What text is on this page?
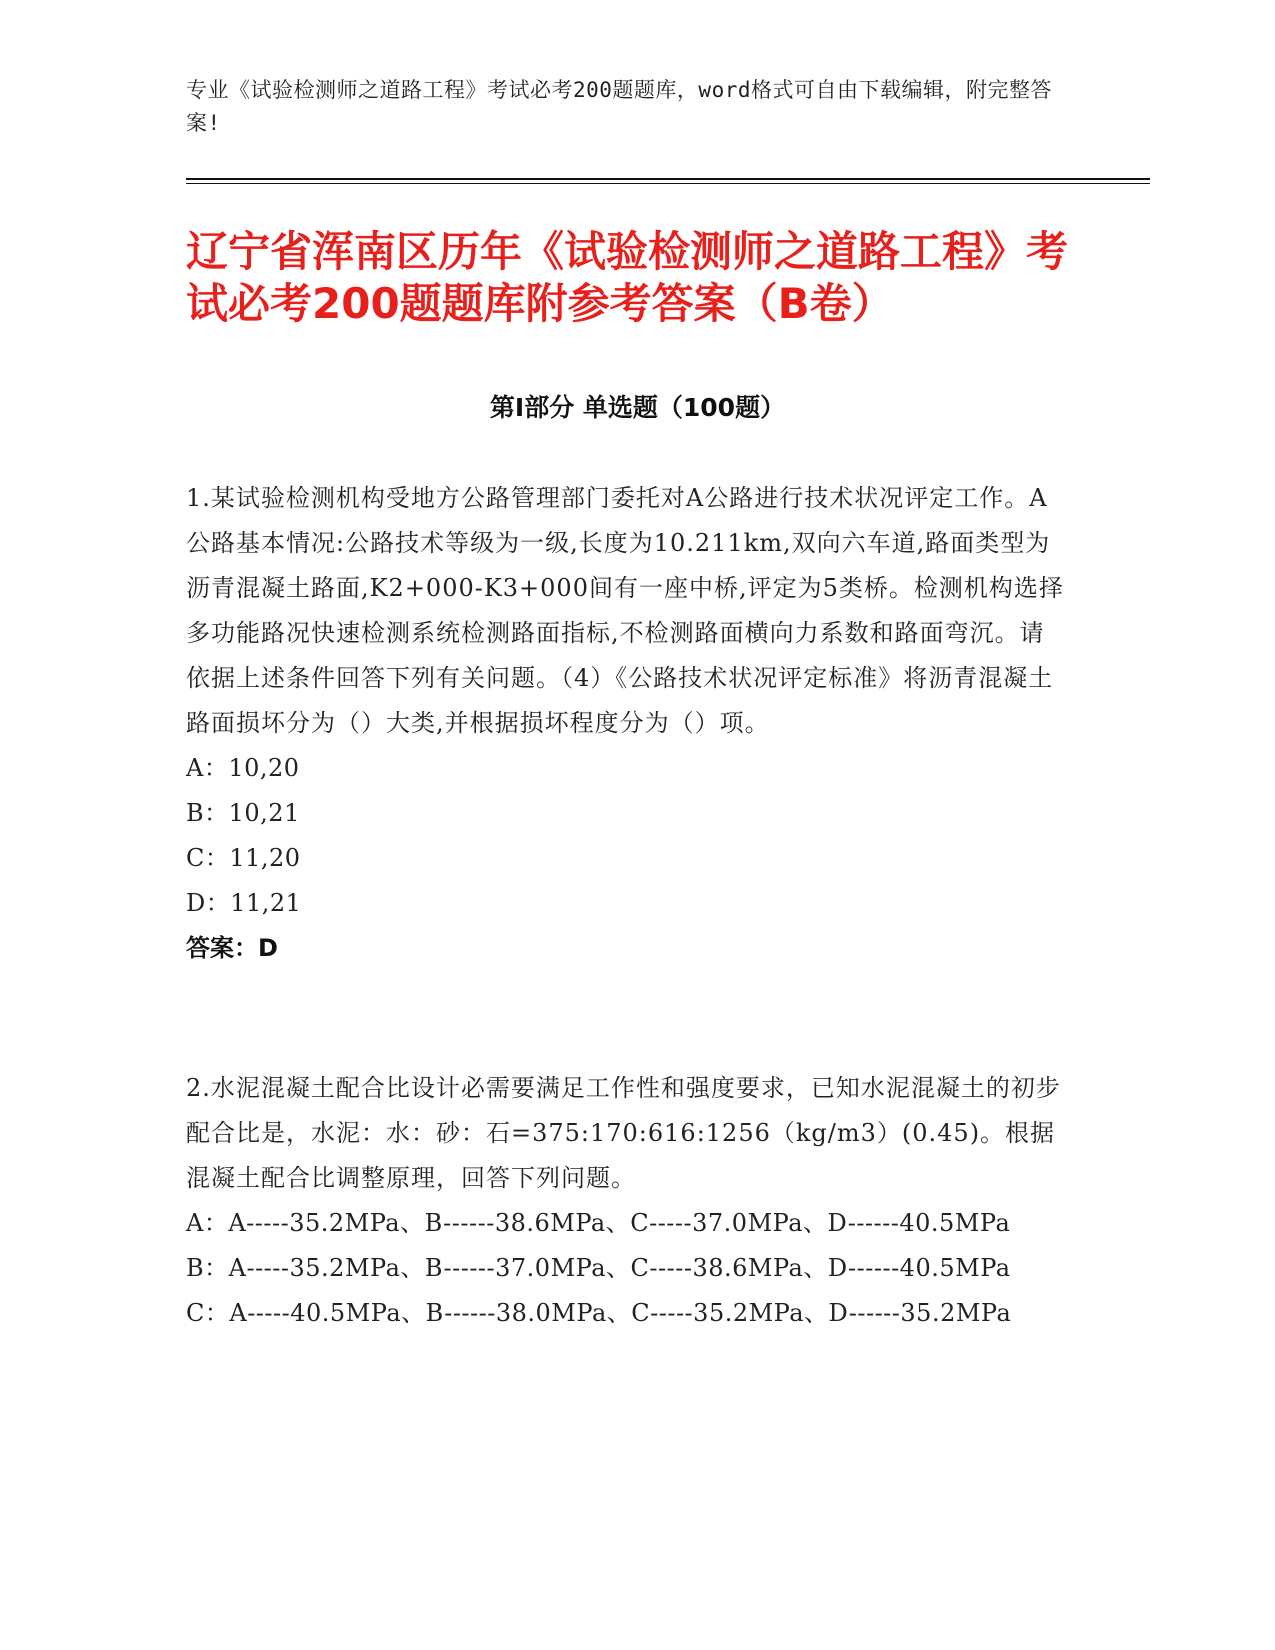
专业《试验检测师之道路工程》考试必考200题题库，word格式可自由下载编辑，附完整答案!
辽宁省浑南区历年《试验检测师之道路工程》考试必考200题题库附参考答案（B卷）
第Ⅰ部分 单选题（100题）
1.某试验检测机构受地方公路管理部门委托对A公路进行技术状况评定工作。A公路基本情况:公路技术等级为一级,长度为10.211km,双向六车道,路面类型为沥青混凝土路面,K2+000-K3+000间有一座中桥,评定为5类桥。检测机构选择多功能路况快速检测系统检测路面指标,不检测路面横向力系数和路面弯沉。请依据上述条件回答下列有关问题。（4）《公路技术状况评定标准》将沥青混凝土路面损坏分为（）大类,并根据损坏程度分为（）项。
A：10,20
B：10,21
C：11,20
D：11,21
答案：D
2.水泥混凝土配合比设计必需要满足工作性和强度要求，已知水泥混凝土的初步配合比是，水泥：水：砂：石=375:170:616:1256（kg/m3）(0.45)。根据混凝土配合比调整原理，回答下列问题。
A：A-----35.2MPa、B------38.6MPa、C-----37.0MPa、D------40.5MPa
B：A-----35.2MPa、B------37.0MPa、C-----38.6MPa、D------40.5MPa
C：A-----40.5MPa、B------38.0MPa、C-----35.2MPa、D------35.2MPa
